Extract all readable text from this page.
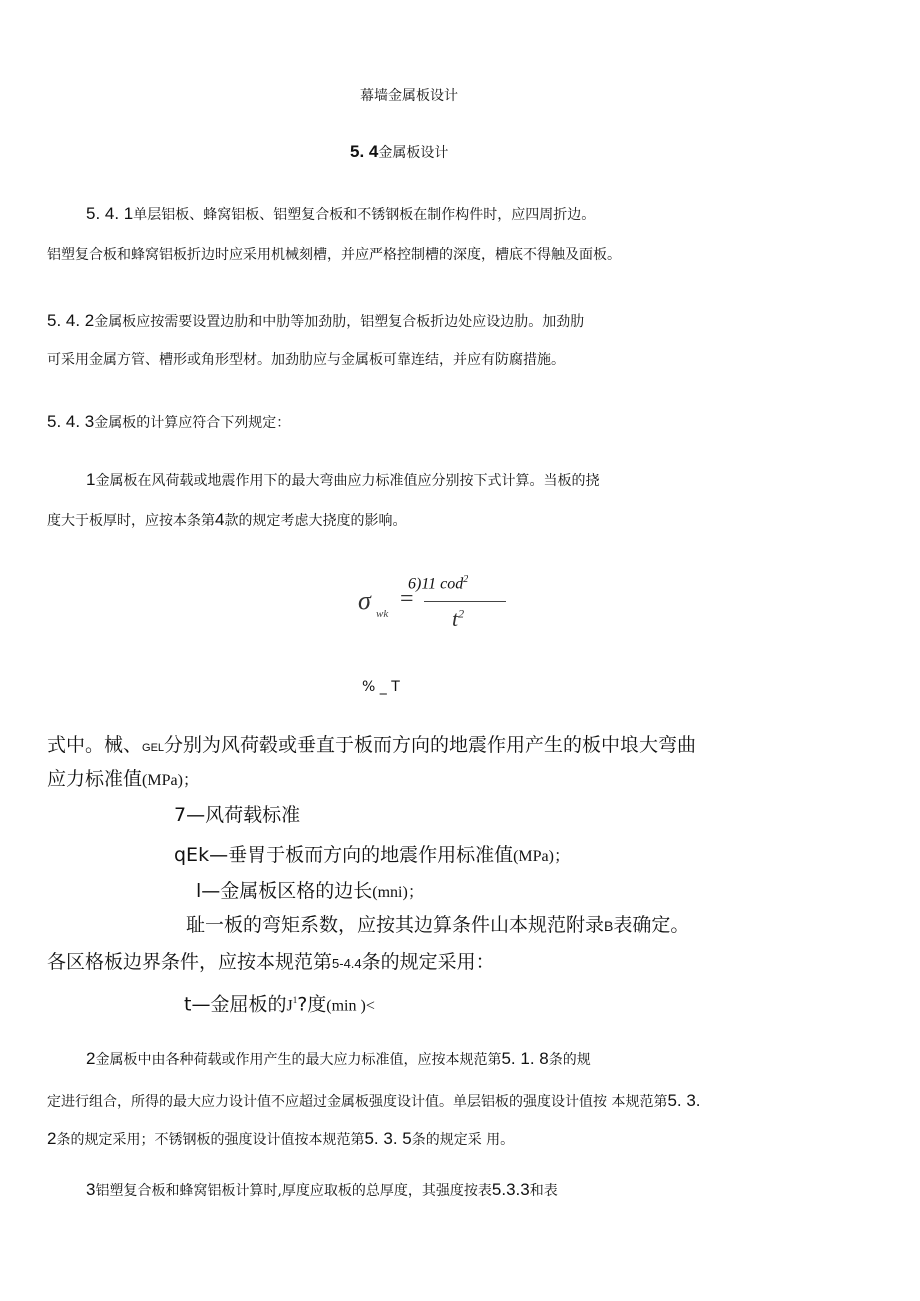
幕墙金属板设计
5. 4金属板设计
5. 4. 1单层铝板、蜂窝铝板、铝塑复合板和不锈钢板在制作构件时，应四周折边。
铝塑复合板和蜂窝铝板折边时应采用机械刻槽，并应严格控制槽的深度，槽底不得触及面板。
5. 4. 2金属板应按需要设置边肋和中肋等加劲肋，铝塑复合板折边处应设边肋。加劲肋
可采用金属方管、槽形或角形型材。加劲肋应与金属板可靠连结，并应有防腐措施。
5. 4. 3金属板的计算应符合下列规定：
1金属板在风荷载或地震作用下的最大弯曲应力标准值应分别按下式计算。当板的挠
度大于板厚时，应按本条第4款的规定考虑大挠度的影响。
σ wk
=
6)11 cod$^2$
$t^2$
% _ T
式中。械、GEL分别为风荷毂或垂直于板而方向的地震作用产生的板中埌大弯曲
应力标准值(MPa)；
7—风荷载标准
qEk—垂胃于板而方向的地震作用标准值(MPa)；
l—金属板区格的边长(mni)；
耻一板的弯矩系数，应按其边算条件山本规范附录B表确定。
各区格板边界条件，应按本规范第5-4.4条的规定采用：
t—金屈板的$J^1$?度(min )<
2金属板中由各种荷载或作用产生的最大应力标准值，应按本规范第5. 1. 8条的规
定进行组合，所得的最大应力设计值不应超过金属板强度设计值。单层铝板的强度设计值按 本规范第5. 3.
2条的规定采用；不锈钢板的强度设计值按本规范第5. 3. 5条的规定采 用。
3铝塑复合板和蜂窝铝板计算时,厚度应取板的总厚度，其强度按表5.3.3和表
